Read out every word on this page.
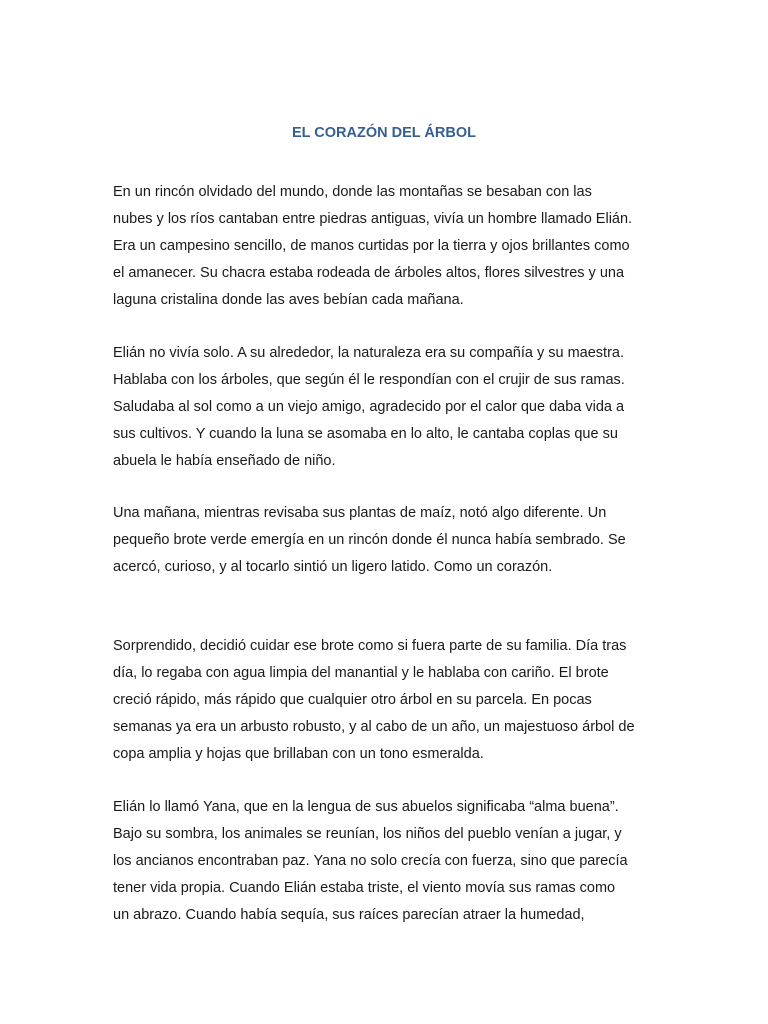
EL CORAZÓN DEL ÁRBOL

En un rincón olvidado del mundo, donde las montañas se besaban con las
nubes y los ríos cantaban entre piedras antiguas, vivía un hombre llamado Elián.
Era un campesino sencillo, de manos curtidas por la tierra y ojos brillantes como
el amanecer. Su chacra estaba rodeada de árboles altos, flores silvestres y una
laguna cristalina donde las aves bebían cada mañana.

Elián no vivía solo. A su alrededor, la naturaleza era su compañía y su maestra.
Hablaba con los árboles, que según él le respondían con el crujir de sus ramas.
Saludaba al sol como a un viejo amigo, agradecido por el calor que daba vida a
sus cultivos. Y cuando la luna se asomaba en lo alto, le cantaba coplas que su
abuela le había enseñado de niño.

Una mañana, mientras revisaba sus plantas de maíz, notó algo diferente. Un
pequeño brote verde emergía en un rincón donde él nunca había sembrado. Se
acercó, curioso, y al tocarlo sintió un ligero latido. Como un corazón.

Sorprendido, decidió cuidar ese brote como si fuera parte de su familia. Día tras
día, lo regaba con agua limpia del manantial y le hablaba con cariño. El brote
creció rápido, más rápido que cualquier otro árbol en su parcela. En pocas
semanas ya era un arbusto robusto, y al cabo de un año, un majestuoso árbol de
copa amplia y hojas que brillaban con un tono esmeralda.

Elián lo llamó Yana, que en la lengua de sus abuelos significaba “alma buena”.
Bajo su sombra, los animales se reunían, los niños del pueblo venían a jugar, y
los ancianos encontraban paz. Yana no solo crecía con fuerza, sino que parecía
tener vida propia. Cuando Elián estaba triste, el viento movía sus ramas como
un abrazo. Cuando había sequía, sus raíces parecían atraer la humedad,
